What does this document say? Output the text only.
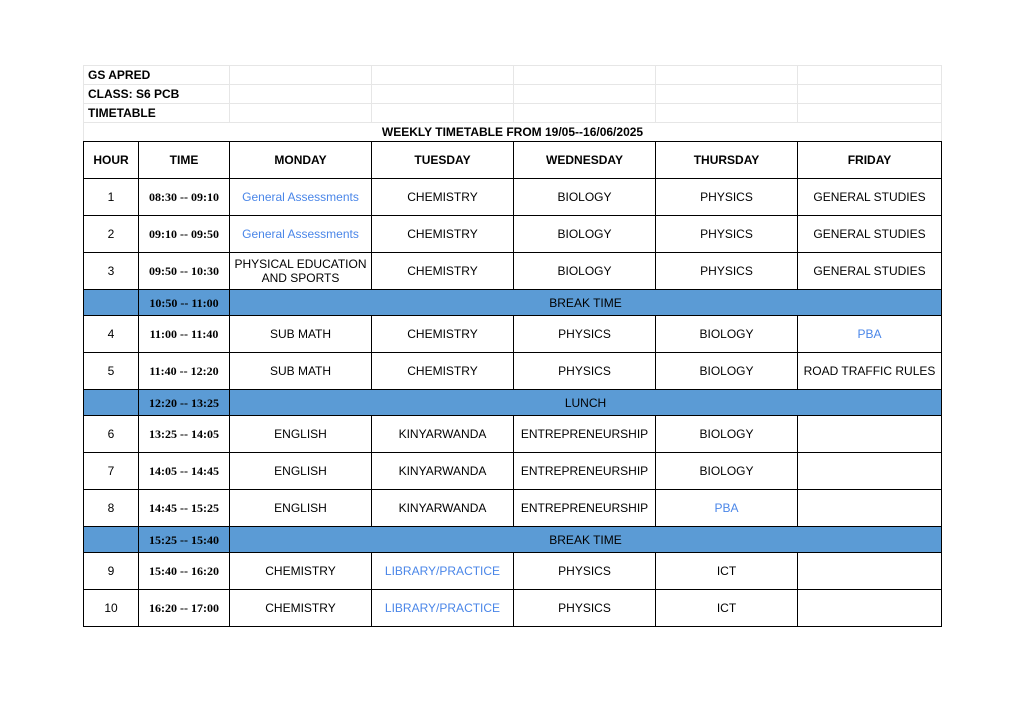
GS APRED					
CLASS: S6 PCB					
TIMETABLE					
WEEKLY TIMETABLE FROM 19/05--16/06/2025					
HOUR	TIME	MONDAY	TUESDAY	WEDNESDAY	THURSDAY	FRIDAY
1	08:30 -- 09:10	General Assessments	CHEMISTRY	BIOLOGY	PHYSICS	GENERAL STUDIES
2	09:10 -- 09:50	General Assessments	CHEMISTRY	BIOLOGY	PHYSICS	GENERAL STUDIES
3	09:50 -- 10:30	PHYSICAL EDUCATION AND SPORTS	CHEMISTRY	BIOLOGY	PHYSICS	GENERAL STUDIES
	10:50 -- 11:00	BREAK TIME				
4	11:00 -- 11:40	SUB MATH	CHEMISTRY	PHYSICS	BIOLOGY	PBA
5	11:40 -- 12:20	SUB MATH	CHEMISTRY	PHYSICS	BIOLOGY	ROAD TRAFFIC RULES
	12:20 -- 13:25	LUNCH				
6	13:25 -- 14:05	ENGLISH	KINYARWANDA	ENTREPRENEURSHIP	BIOLOGY	
7	14:05 -- 14:45	ENGLISH	KINYARWANDA	ENTREPRENEURSHIP	BIOLOGY	
8	14:45 -- 15:25	ENGLISH	KINYARWANDA	ENTREPRENEURSHIP	PBA	
	15:25 -- 15:40	BREAK TIME				
9	15:40 -- 16:20	CHEMISTRY	LIBRARY/PRACTICE	PHYSICS	ICT	
10	16:20 -- 17:00	CHEMISTRY	LIBRARY/PRACTICE	PHYSICS	ICT	
